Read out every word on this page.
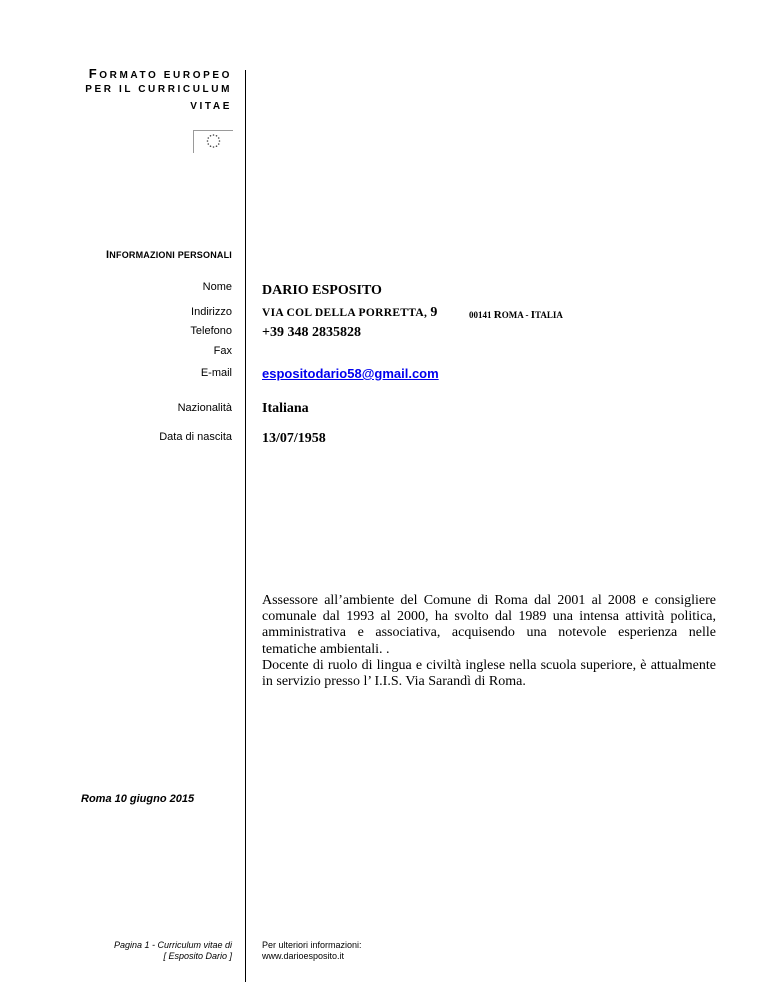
FORMATO EUROPEO
PER IL CURRICULUM
VITAE
INFORMAZIONI PERSONALI
Nome DARIO ESPOSITO
Indirizzo	VIA COL DELLA PORRETTA, 9	00141 ROMA - ITALIA
Telefono +39 348 2835828
Fax
E-mail espositodario58@gmail.com
Nazionalità Italiana
Data di nascita 13/07/1958

Assessore all’ambiente del Comune di Roma dal 2001 al 2008 e consigliere comunale dal 1993 al 2000, ha svolto dal 1989 una intensa attività politica, amministrativa e associativa, acquisendo una notevole esperienza nelle tematiche ambientali. .

Docente di ruolo di lingua e civiltà inglese nella scuola superiore, è attualmente in servizio presso l’ I.I.S. Via Sarandì di Roma.

Roma 10 giugno 2015
Pagina 1 - Curriculum vitae di
[ Esposito Dario ]
Per ulteriori informazioni:
www.darioesposito.it
